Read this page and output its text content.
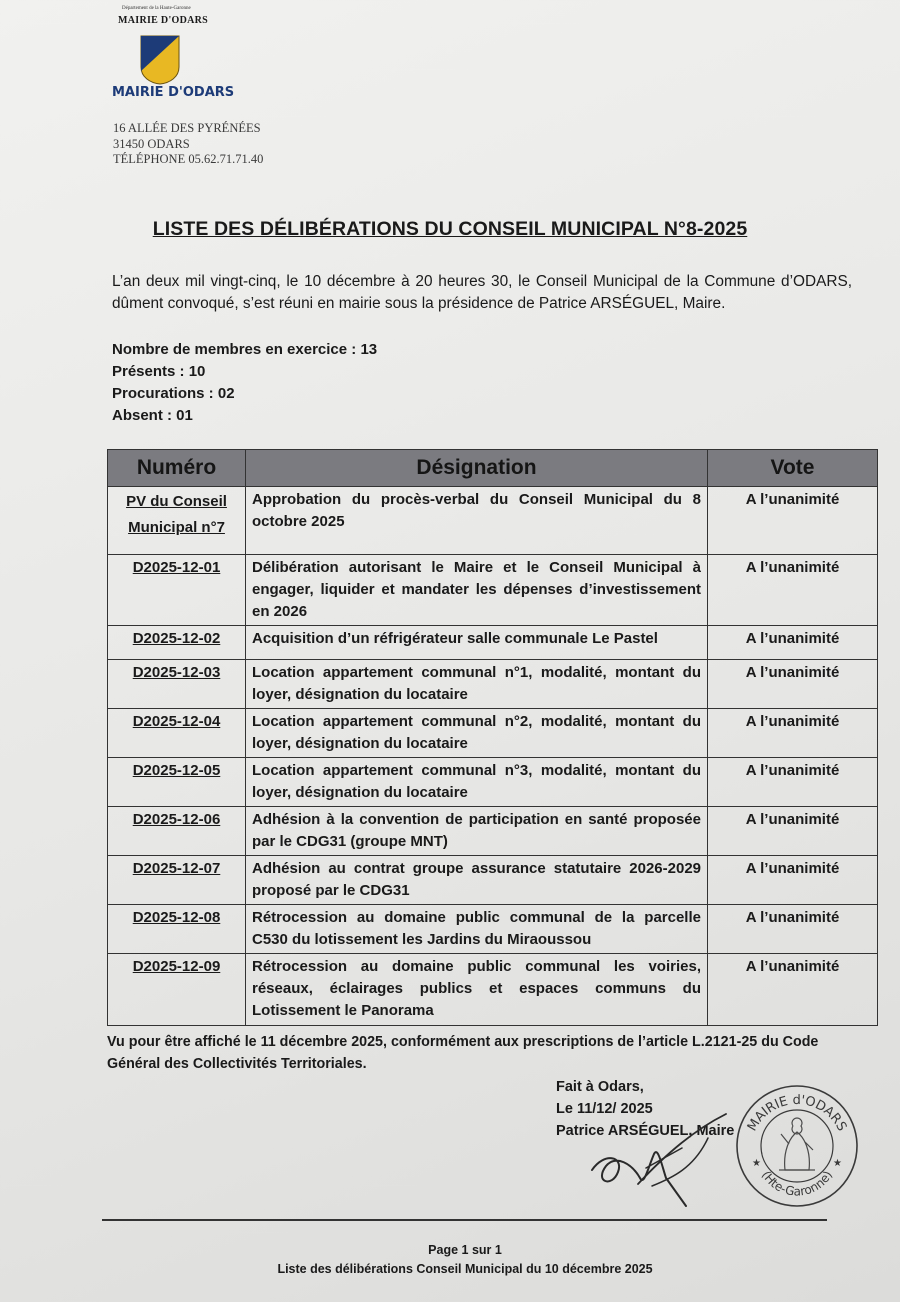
Département de la Haute-Garonne
MAIRIE D'ODARS
MAIRIE D'ODARS
16 ALLÉE DES PYRÉNÉES
31450 ODARS
TÉLÉPHONE 05.62.71.71.40
LISTE DES DÉLIBÉRATIONS DU CONSEIL MUNICIPAL N°8-2025
L’an deux mil vingt-cinq, le 10 décembre à 20 heures 30, le Conseil Municipal de la Commune d’ODARS, dûment convoqué, s’est réuni en mairie sous la présidence de Patrice ARSÉGUEL, Maire.
Nombre de membres en exercice : 13
Présents : 10
Procurations : 02
Absent : 01
Numéro	Désignation	Vote
PV du Conseil Municipal n°7	Approbation du procès-verbal du Conseil Municipal du 8 octobre 2025	A l’unanimité
D2025-12-01	Délibération autorisant le Maire et le Conseil Municipal à engager, liquider et mandater les dépenses d’investissement en 2026	A l’unanimité
D2025-12-02	Acquisition d’un réfrigérateur salle communale Le Pastel	A l’unanimité
D2025-12-03	Location appartement communal n°1, modalité, montant du loyer, désignation du locataire	A l’unanimité
D2025-12-04	Location appartement communal n°2, modalité, montant du loyer, désignation du locataire	A l’unanimité
D2025-12-05	Location appartement communal n°3, modalité, montant du loyer, désignation du locataire	A l’unanimité
D2025-12-06	Adhésion à la convention de participation en santé proposée par le CDG31 (groupe MNT)	A l’unanimité
D2025-12-07	Adhésion au contrat groupe assurance statutaire 2026-2029 proposé par le CDG31	A l’unanimité
D2025-12-08	Rétrocession au domaine public communal de la parcelle C530 du lotissement les Jardins du Miraoussou	A l’unanimité
D2025-12-09	Rétrocession au domaine public communal les voiries, réseaux, éclairages publics et espaces communs du Lotissement le Panorama	A l’unanimité
Vu pour être affiché le 11 décembre 2025, conformément aux prescriptions de l’article L.2121-25 du Code Général des Collectivités Territoriales.
Fait à Odars,
Le 11/12/ 2025
Patrice ARSÉGUEL, Maire MAIRIE d'ODARS
(Hte-Garonne)
★	★
Page 1 sur 1
Liste des délibérations Conseil Municipal du 10 décembre 2025
